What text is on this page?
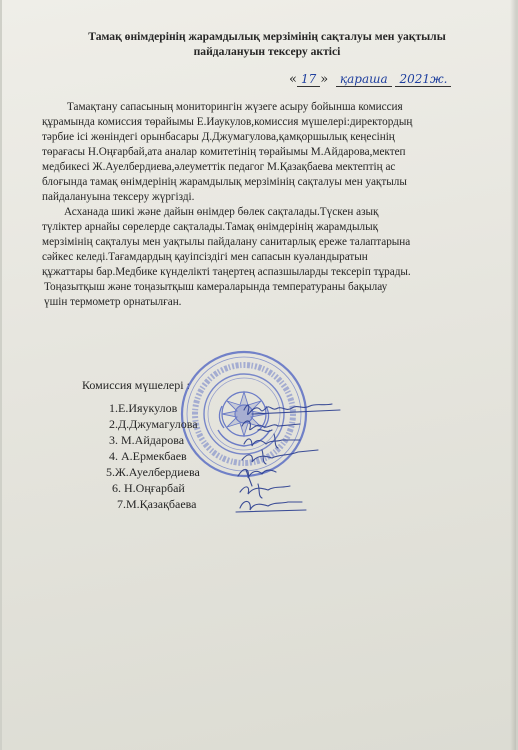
Тамақ өнімдерінің жарамдылық мерзімінің сақталуы мен уақтылы
пайдалануын тексеру актісі
« 17 » қараша 2021ж.

Тамақтану сапасының мониторингін жүзеге асыру бойынша комиссия

құрамында комиссия төрайымы Е.Иаукулов,комиссия мүшелері:директордың

тәрбие ісі жөніндегі орынбасары Д.Джумагулова,қамқоршылық кеңесінің

төрағасы Н.Оңғарбай,ата аналар комитетінің төрайымы М.Айдарова,мектеп

медбикесі Ж.Ауелбердиева,әлеуметтік педагог М.Қазақбаева мектептің ас

блоғында тамақ өнімдерінің жарамдылық мерзімінің сақталуы мен уақтылы

пайдалануына тексеру жүргізді.

Асханада шикі және дайын өнімдер бөлек сақталады.Түскен азық

түліктер арнайы сөрелерде сақталады.Тамақ өнімдерінің жарамдылық

мерзімінің сақталуы мен уақтылы пайдалану санитарлық ереже талаптарына

сәйкес келеді.Тағамдардың қауіпсіздігі мен сапасын куәландыратын

құжаттары бар.Медбике күнделікті таңертең аспазшыларды тексеріп тұрады.

Тоңазытқыш және тоңазытқыш камераларында температураны бақылау

үшін термометр орнатылған.

Комиссия мүшелері :
1.Е.Ияукулов
2.Д.Джумагулова
3. М.Айдарова
4. А.Ермекбаев
5.Ж.Ауелбердиева
6. Н.Оңғарбай
7.М.Қазақбаева
